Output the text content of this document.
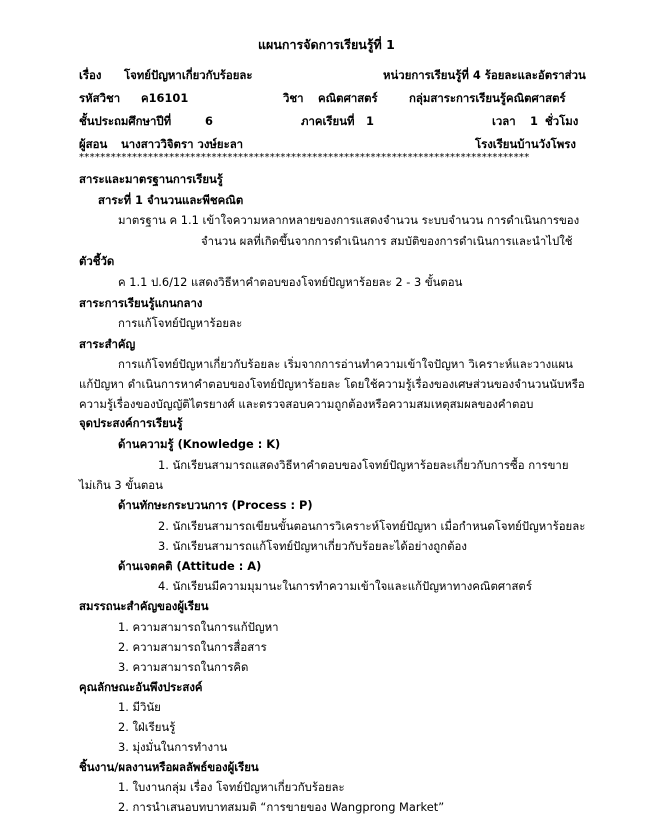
แผนการจัดการเรียนรู้ที่ 1
เรื่อง โจทย์ปัญหาเกี่ยวกับร้อยละ	หน่วยการเรียนรู้ที่ 4 ร้อยละและอัตราส่วน
รหัสวิชา ค16101	วิชา คณิตศาสตร์	กลุ่มสาระการเรียนรู้คณิตศาสตร์
ชั้นประถมศึกษาปีที่	6	ภาคเรียนที่ 1	เวลา 1 ชั่วโมง
ผู้สอน นางสาววิจิตรา วงษ์ยะลา	โรงเรียนบ้านวังโพรง
*************************************************************************************
สาระและมาตรฐานการเรียนรู้
สาระที่ 1 จำนวนและพีชคณิต
มาตรฐาน ค 1.1 เข้าใจความหลากหลายของการแสดงจำนวน ระบบจำนวน การดำเนินการของ
จำนวน ผลที่เกิดขึ้นจากการดำเนินการ สมบัติของการดำเนินการและนำไปใช้
ตัวชี้วัด
ค 1.1 ป.6/12 แสดงวิธีหาคำตอบของโจทย์ปัญหาร้อยละ 2 - 3 ขั้นตอน
สาระการเรียนรู้แกนกลาง
การแก้โจทย์ปัญหาร้อยละ
สาระสำคัญ
การแก้โจทย์ปัญหาเกี่ยวกับร้อยละ เริ่มจากการอ่านทำความเข้าใจปัญหา วิเคราะห์และวางแผน
แก้ปัญหา ดำเนินการหาคำตอบของโจทย์ปัญหาร้อยละ โดยใช้ความรู้เรื่องของเศษส่วนของจำนวนนับหรือ
ความรู้เรื่องของบัญญัติไตรยางศ์ และตรวจสอบความถูกต้องหรือความสมเหตุสมผลของคำตอบ
จุดประสงค์การเรียนรู้
ด้านความรู้ (Knowledge : K)
1. นักเรียนสามารถแสดงวิธีหาคำตอบของโจทย์ปัญหาร้อยละเกี่ยวกับการซื้อ การขาย
ไม่เกิน 3 ขั้นตอน
ด้านทักษะกระบวนการ (Process : P)
2. นักเรียนสามารถเขียนขั้นตอนการวิเคราะห์โจทย์ปัญหา เมื่อกำหนดโจทย์ปัญหาร้อยละ
3. นักเรียนสามารถแก้โจทย์ปัญหาเกี่ยวกับร้อยละได้อย่างถูกต้อง
ด้านเจตคติ (Attitude : A)
4. นักเรียนมีความมุมานะในการทำความเข้าใจและแก้ปัญหาทางคณิตศาสตร์
สมรรถนะสำคัญของผู้เรียน
1. ความสามารถในการแก้ปัญหา
2. ความสามารถในการสื่อสาร
3. ความสามารถในการคิด
คุณลักษณะอันพึงประสงค์
1. มีวินัย
2. ใฝ่เรียนรู้
3. มุ่งมั่นในการทำงาน
ชิ้นงาน/ผลงานหรือผลลัพธ์ของผู้เรียน
1. ใบงานกลุ่ม เรื่อง โจทย์ปัญหาเกี่ยวกับร้อยละ
2. การนำเสนอบทบาทสมมติ “การขายของ Wangprong Market”
